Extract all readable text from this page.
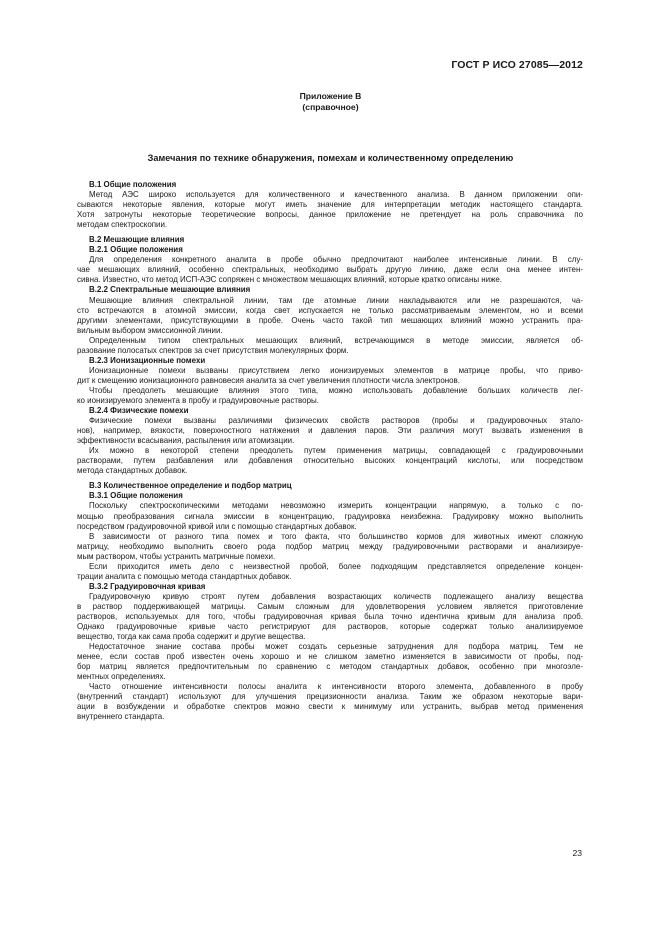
ГОСТ Р ИСО 27085—2012
Приложение В
(справочное)
Замечания по технике обнаружения, помехам и количественному определению
В.1 Общие положения
Метод АЭС широко используется для количественного и качественного анализа. В данном приложении опи-
сываются некоторые явления, которые могут иметь значение для интерпретации методик настоящего стандарта.
Хотя затронуты некоторые теоретические вопросы, данное приложение не претендует на роль справочника по
методам спектроскопии.
В.2 Мешающие влияния
В.2.1 Общие положения
Для определения конкретного аналита в пробе обычно предпочитают наиболее интенсивные линии. В слу-
чае мешающих влияний, особенно спектральных, необходимо выбрать другую линию, даже если она менее интен-
сивна. Известно, что метод ИСП-АЭС сопряжен с множеством мешающих влияний, которые кратко описаны ниже.
В.2.2 Спектральные мешающие влияния
Мешающие влияния спектральной линии, там где атомные линии накладываются или не разрешаются, ча-
сто встречаются в атомной эмиссии, когда свет испускается не только рассматриваемым элементом, но и всеми
другими элементами, присутствующими в пробе. Очень часто такой тип мешающих влияний можно устранить пра-
вильным выбором эмиссионной линии.
Определенным типом спектральных мешающих влияний, встречающимся в методе эмиссии, является об-
разование полосатых спектров за счет присутствия молекулярных форм.
В.2.3 Ионизационные помехи
Ионизационные помехи вызваны присутствием легко ионизируемых элементов в матрице пробы, что приво-
дит к смещению ионизационного равновесия аналита за счет увеличения плотности числа электронов.
Чтобы преодолеть мешающие влияния этого типа, можно использовать добавление больших количеств лег-
ко ионизируемого элемента в пробу и градуировочные растворы.
В.2.4 Физические помехи
Физические помехи вызваны различиями физических свойств растворов (пробы и градуировочных эталo-
нов), например, вязкости, поверхностного натяжения и давления паров. Эти различия могут вызвать изменения в
эффективности всасывания, распыления или атомизации.
Их можно в некоторой степени преодолеть путем применения матрицы, совпадающей с градуировочными
растворами, путем разбавления или добавления относительно высоких концентраций кислоты, или посредством
метода стандартных добавок.
В.3 Количественное определение и подбор матриц
В.3.1 Общие положения
Поскольку спектроскопическими методами невозможно измерить концентрации напрямую, а только с по-
мощью преобразования сигнала эмиссии в концентрацию, градуировка неизбежна. Градуировку можно выполнить
посредством градуировочной кривой или с помощью стандартных добавок.
В зависимости от разного типа помех и того факта, что большинство кормов для животных имеют сложную
матрицу, необходимо выполнить своего рода подбор матриц между градуировочными растворами и анализируе-
мым раствором, чтобы устранить матричные помехи.
Если приходится иметь дело с неизвестной пробой, более подходящим представляется определение концен-
трации аналита с помощью метода стандартных добавок.
В.3.2 Градуировочная кривая
Градуировочную кривую строят путем добавления возрастающих количеств подлежащего анализу вещества
в раствор поддерживающей матрицы. Самым сложным для удовлетворения условием является приготовление
растворов, используемых для того, чтобы градуировочная кривая была точно идентична кривым для анализа проб.
Однако градуировочные кривые часто регистрируют для растворов, которые содержат только анализируемое
вещество, тогда как сама проба содержит и другие вещества.
Недостаточное знание состава пробы может создать серьезные затруднения для подбора матриц. Тем не
менее, если состав проб известен очень хорошо и не слишком заметно изменяется в зависимости от пробы, под-
бор матриц является предпочтительным по сравнению с методом стандартных добавок, особенно при многоэле-
ментных определениях.
Часто отношение интенсивности полосы аналита к интенсивности второго элемента, добавленного в пробу
(внутренний стандарт) используют для улучшения прецизионности анализа. Таким же образом некоторые вари-
ации в возбуждении и обработке спектров можно свести к минимуму или устранить, выбрав метод применения
внутреннего стандарта.
23
